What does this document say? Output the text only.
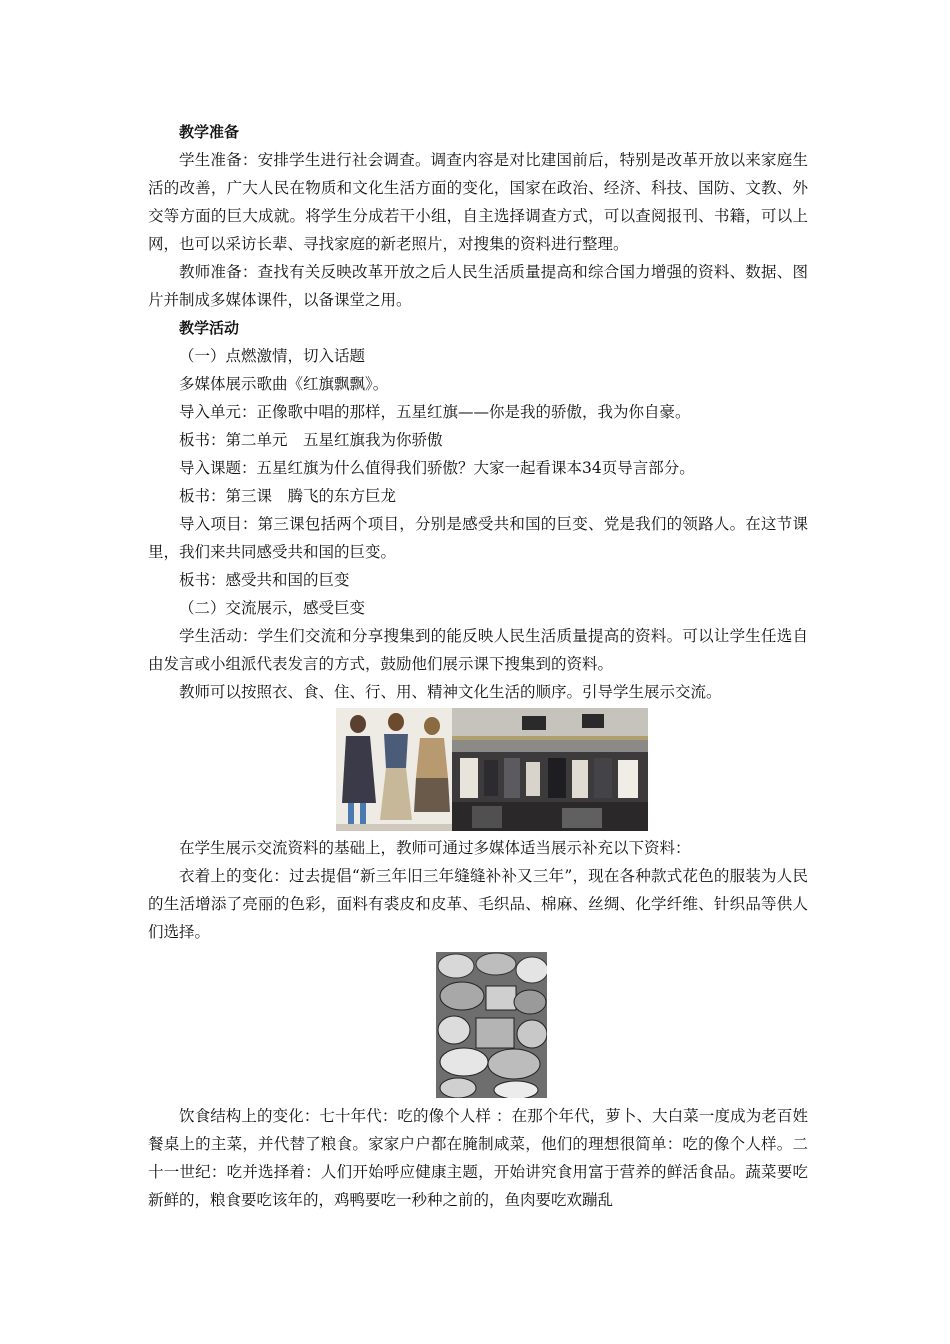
教学准备

学生准备：安排学生进行社会调查。调查内容是对比建国前后，特别是改革开放以来家庭生活的改善，广大人民在物质和文化生活方面的变化，国家在政治、经济、科技、国防、文教、外交等方面的巨大成就。将学生分成若干小组，自主选择调查方式，可以查阅报刊、书籍，可以上网，也可以采访长辈、寻找家庭的新老照片，对搜集的资料进行整理。

教师准备：查找有关反映改革开放之后人民生活质量提高和综合国力增强的资料、数据、图片并制成多媒体课件，以备课堂之用。

教学活动

（一）点燃激情，切入话题

多媒体展示歌曲《红旗飘飘》。

导入单元：正像歌中唱的那样，五星红旗——你是我的骄傲，我为你自豪。

板书：第二单元　五星红旗我为你骄傲

导入课题：五星红旗为什么值得我们骄傲？大家一起看课本34页导言部分。

板书：第三课　腾飞的东方巨龙

导入项目：第三课包括两个项目，分别是感受共和国的巨变、党是我们的领路人。在这节课里，我们来共同感受共和国的巨变。

板书：感受共和国的巨变

（二）交流展示，感受巨变

学生活动：学生们交流和分享搜集到的能反映人民生活质量提高的资料。可以让学生任选自由发言或小组派代表发言的方式，鼓励他们展示课下搜集到的资料。

教师可以按照衣、食、住、行、用、精神文化生活的顺序。引导学生展示交流。

在学生展示交流资料的基础上，教师可通过多媒体适当展示补充以下资料：

衣着上的变化：过去提倡“新三年旧三年缝缝补补又三年”，现在各种款式花色的服装为人民的生活增添了亮丽的色彩，面料有裘皮和皮革、毛织品、棉麻、丝绸、化学纤维、针织品等供人们选择。

饮食结构上的变化：七十年代：吃的像个人样 ：在那个年代，萝卜、大白菜一度成为老百姓餐桌上的主菜，并代替了粮食。家家户户都在腌制咸菜，他们的理想很简单：吃的像个人样。二十一世纪：吃并选择着：人们开始呼应健康主题，开始讲究食用富于营养的鲜活食品。蔬菜要吃新鲜的，粮食要吃该年的，鸡鸭要吃一秒种之前的，鱼肉要吃欢蹦乱
